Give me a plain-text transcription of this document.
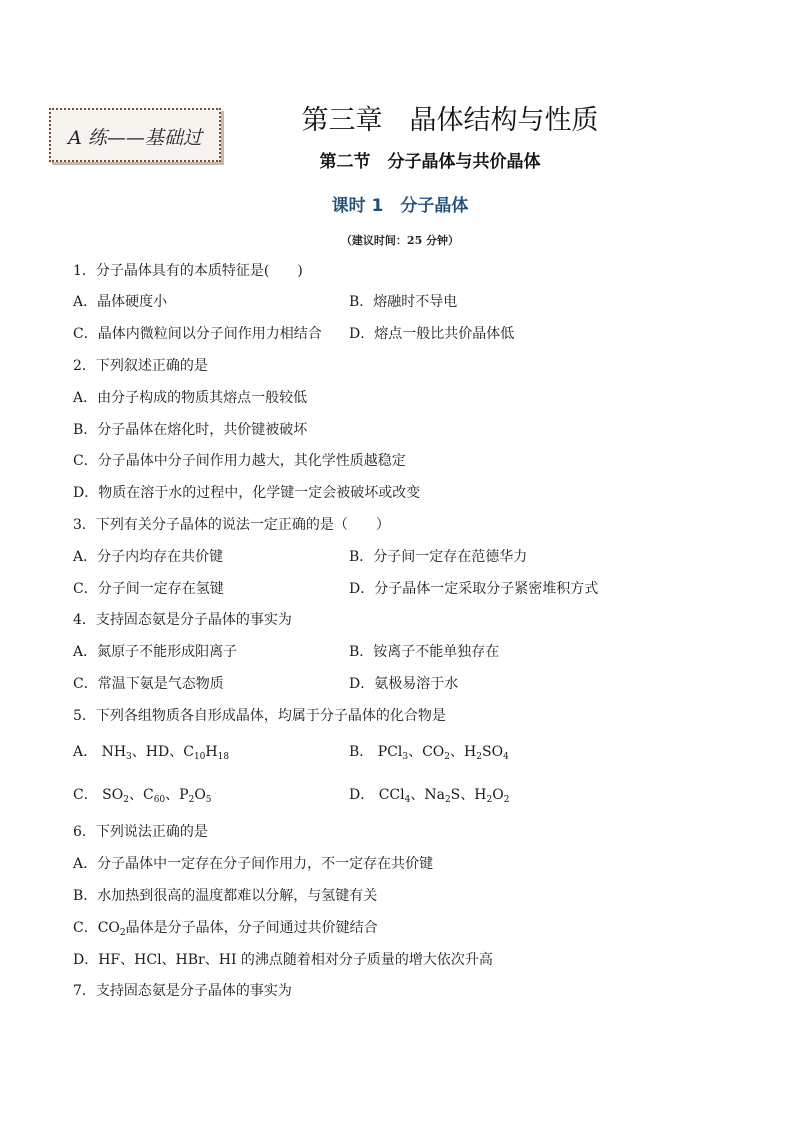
A 练——基础过
第三章　晶体结构与性质
第二节　分子晶体与共价晶体
课时 1　分子晶体
（建议时间：25 分钟）
1．分子晶体具有的本质特征是(　　)
A．晶体硬度小	B．熔融时不导电
C．晶体内微粒间以分子间作用力相结合 D．熔点一般比共价晶体低
2．下列叙述正确的是
A．由分子构成的物质其熔点一般较低
B．分子晶体在熔化时，共价键被破坏
C．分子晶体中分子间作用力越大，其化学性质越稳定
D．物质在溶于水的过程中，化学键一定会被破坏或改变
3．下列有关分子晶体的说法一定正确的是（　　）
A．分子内均存在共价键	B．分子间一定存在范德华力
C．分子间一定存在氢键	D．分子晶体一定采取分子紧密堆积方式
4．支持固态氨是分子晶体的事实为
A．氮原子不能形成阳离子	B．铵离子不能单独存在
C．常温下氨是气态物质	D．氨极易溶于水
5．下列各组物质各自形成晶体，均属于分子晶体的化合物是
A． $NH_3$、HD、$C_{10}H_{18}$	B． PCl$_3$、$CO_2$、$H_2SO_4$
C． $SO_2$、$C_{60}$、$P_2O_5$	D． CCl$_4$、$Na_2S$、$H_2O_2$
6．下列说法正确的是
A．分子晶体中一定存在分子间作用力，不一定存在共价键
B．水加热到很高的温度都难以分解，与氢键有关
C．$CO_2$晶体是分子晶体，分子间通过共价键结合
D．HF、HCl、HBr、HI 的沸点随着相对分子质量的增大依次升高
7．支持固态氨是分子晶体的事实为
